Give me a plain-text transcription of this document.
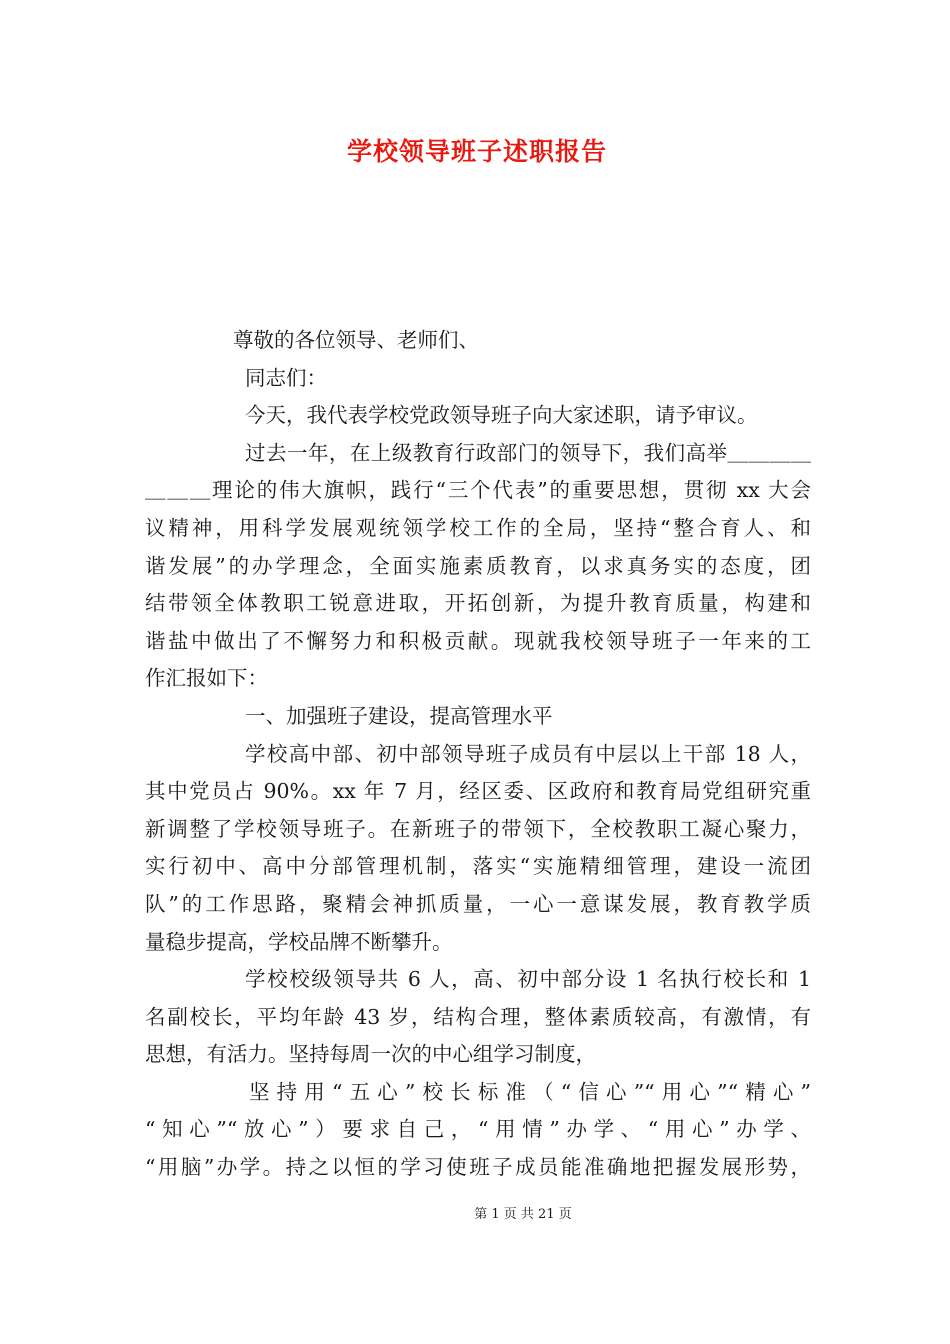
学校领导班子述职报告

尊敬的各位领导、老师们、

同志们：

今天，我代表学校党政领导班子向大家述职，请予审议。

过去一年，在上级教育行政部门的领导下，我们高举＿＿＿＿

＿＿＿理论的伟大旗帜，践行“三个代表”的重要思想，贯彻 xx 大会

议精神，用科学发展观统领学校工作的全局，坚持“整合育人、和

谐发展”的办学理念，全面实施素质教育，以求真务实的态度，团

结带领全体教职工锐意进取，开拓创新，为提升教育质量，构建和

谐盐中做出了不懈努力和积极贡献。现就我校领导班子一年来的工

作汇报如下：

一、加强班子建设，提高管理水平

学校高中部、初中部领导班子成员有中层以上干部 18 人，

其中党员占 90%。xx 年 7 月，经区委、区政府和教育局党组研究重

新调整了学校领导班子。在新班子的带领下，全校教职工凝心聚力，

实行初中、高中分部管理机制，落实“实施精细管理，建设一流团

队”的工作思路，聚精会神抓质量，一心一意谋发展，教育教学质

量稳步提高，学校品牌不断攀升。

学校校级领导共 6 人，高、初中部分设 1 名执行校长和 1

名副校长，平均年龄 43 岁，结构合理，整体素质较高，有激情，有

思想，有活力。坚持每周一次的中心组学习制度，

坚持用“五心”校长标准（“信心”“用心”“精心”

“知心”“放心”）要求自己，“用情”办学、“用心”办学、

“用脑”办学。持之以恒的学习使班子成员能准确地把握发展形势，

第 1 页 共 21 页
